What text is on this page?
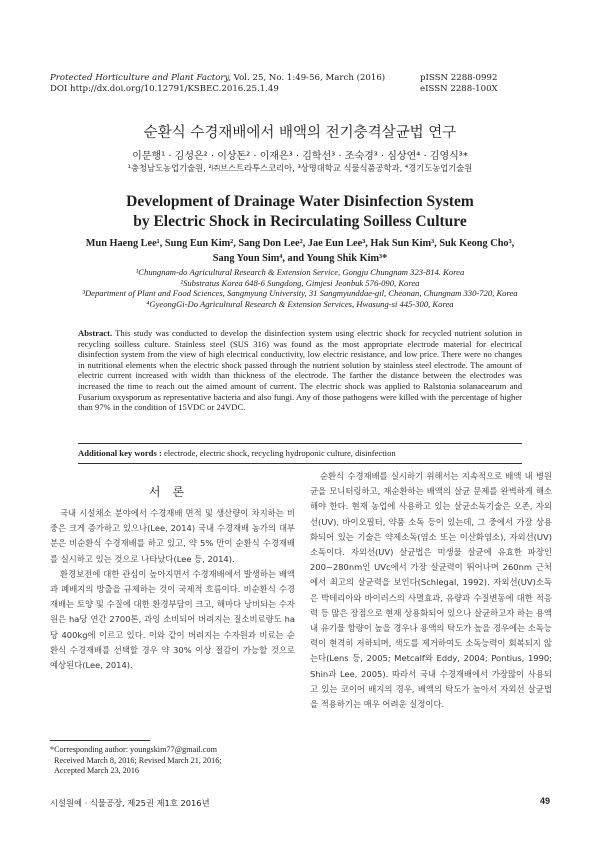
Protected Horticulture and Plant Factory, Vol. 25, No. 1:49-56, March (2016)
DOI http://dx.doi.org/10.12791/KSBEC.2016.25.1.49
pISSN 2288-0992
eISSN 2288-100X
순환식 수경재배에서 배액의 전기충격살균법 연구
이문행¹ · 김성은² · 이상돈² · 이재은³ · 김학선³ · 조숙경³ · 심상연⁴ · 김영식³*
¹충청남도농업기술원, ²㈜브스트라투스코리아, ³상명대학교 식물식품공학과, ⁴경기도농업기술원
Development of Drainage Water Disinfection System
by Electric Shock in Recirculating Soilless Culture
Mun Haeng Lee¹, Sung Eun Kim², Sang Don Lee², Jae Eun Lee³, Hak Sun Kim³, Suk Keong Cho³,
Sang Youn Sim⁴, and Young Shik Kim³*
¹Chungnam-do Agricultural Research & Extension Service, Gongju Chungnam 323-814. Korea
²Substratus Korea 648-6 Sungdong, Gimjesi Jeonbuk 576-090, Korea
³Department of Plant and Food Sciences, Sangmyung University, 31 Sangmyunddae-gil, Cheonan, Chungnam 330-720, Korea
⁴GyeongGi-Do Agricultural Research & Extension Services, Hwasung-si 445-300, Korea
Abstract. This study was conducted to develop the disinfection system using electric shock for recycled nutrient solution in recycling soilless culture. Stainless steel (SUS 316) was found as the most appropriate electrode material for electrical disinfection system from the view of high electrical conductivity, low electric resistance, and low price. There were no changes in nutritional elements when the electric shock passed through the nutrient solution by stainless steel electrode. The amount of electric current increased with width than thickness of the electrode. The farther the distance between the electrodes was increased the time to reach out the aimed amount of current. The electric shock was applied to Ralstonia solanacearum and Fusarium oxysporum as representative bacteria and also fungi. Any of those pathogens were killed with the percentage of higher than 97% in the condition of 15VDC or 24VDC.
Additional key words : electrode, electric shock, recycling hydroponic culture, disinfection
서론

국내 시설채소 분야에서 수경재배 면적 및 생산량이 차지하는 비중은 크게 증가하고 있으나(Lee, 2014) 국내 수경재배 농가의 대부분은 비순환식 수경재배를 하고 있고, 약 5% 만이 순환식 수경재배를 실시하고 있는 것으로 나타났다(Lee 등, 2014).

환경보전에 대한 관심이 높아지면서 수경재배에서 발생하는 배액과 폐배지의 방출을 규제하는 것이 국제적 흐름이다. 비순환식 수경재배는 토양 및 수질에 대한 환경부담이 크고, 해마다 낭비되는 수자원은 ha당 연간 2700톤, 과잉 소비되어 버려지는 질소비료량도 ha당 400kg에 이르고 있다. 이와 같이 버려지는 수자원과 비료는 순환식 수경재배를 선택할 경우 약 30% 이상 절감이 가능할 것으로 예상된다(Lee, 2014).

순환식 수경재배를 실시하기 위해서는 지속적으로 배액 내 병원균을 모니터링하고, 재순환하는 배액의 살균 문제를 완벽하게 해소해야 한다. 현재 농업에 사용하고 있는 살균소독기술은 오존, 자외선(UV), 바이오필터, 약품 소독 등이 있는데, 그 중에서 가장 상용화되어 있는 기술은 약제소독(염소 또는 이산화염소), 자외선(UV) 소독이다. 자외선(UV) 살균법은 미생물 살균에 유효한 파장인 200~280nm인 UVc에서 가장 살균력이 뛰어나며 260nm 근처에서 최고의 살균력을 보인다(Schlegal, 1992). 자외선(UV)소독은 박테리아와 바이러스의 사멸효과, 유량과 수질변동에 대한 적응력 등 많은 장점으로 현재 상용화되어 있으나 살균하고자 하는 용액 내 유기물 함량이 높을 경우나 용액의 탁도가 높을 경우에는 소독능력이 현격히 저하되며, 색도를 제거하여도 소독능력이 회복되지 않는다(Lens 등, 2005; Metcalf와 Eddy, 2004; Pontius, 1990; Shin과 Lee, 2005). 따라서 국내 수경재배에서 가장많이 사용되고 있는 코이어 배지의 경우, 배액의 탁도가 높아서 자외선 살균법을 적용하기는 매우 어려운 실정이다.

*Corresponding author: youngskim77@gmail.com
Received March 8, 2016; Revised March 21, 2016;
Accepted March 23, 2016
시설원예 · 식물공장, 제25권 제1호 2016년	49
